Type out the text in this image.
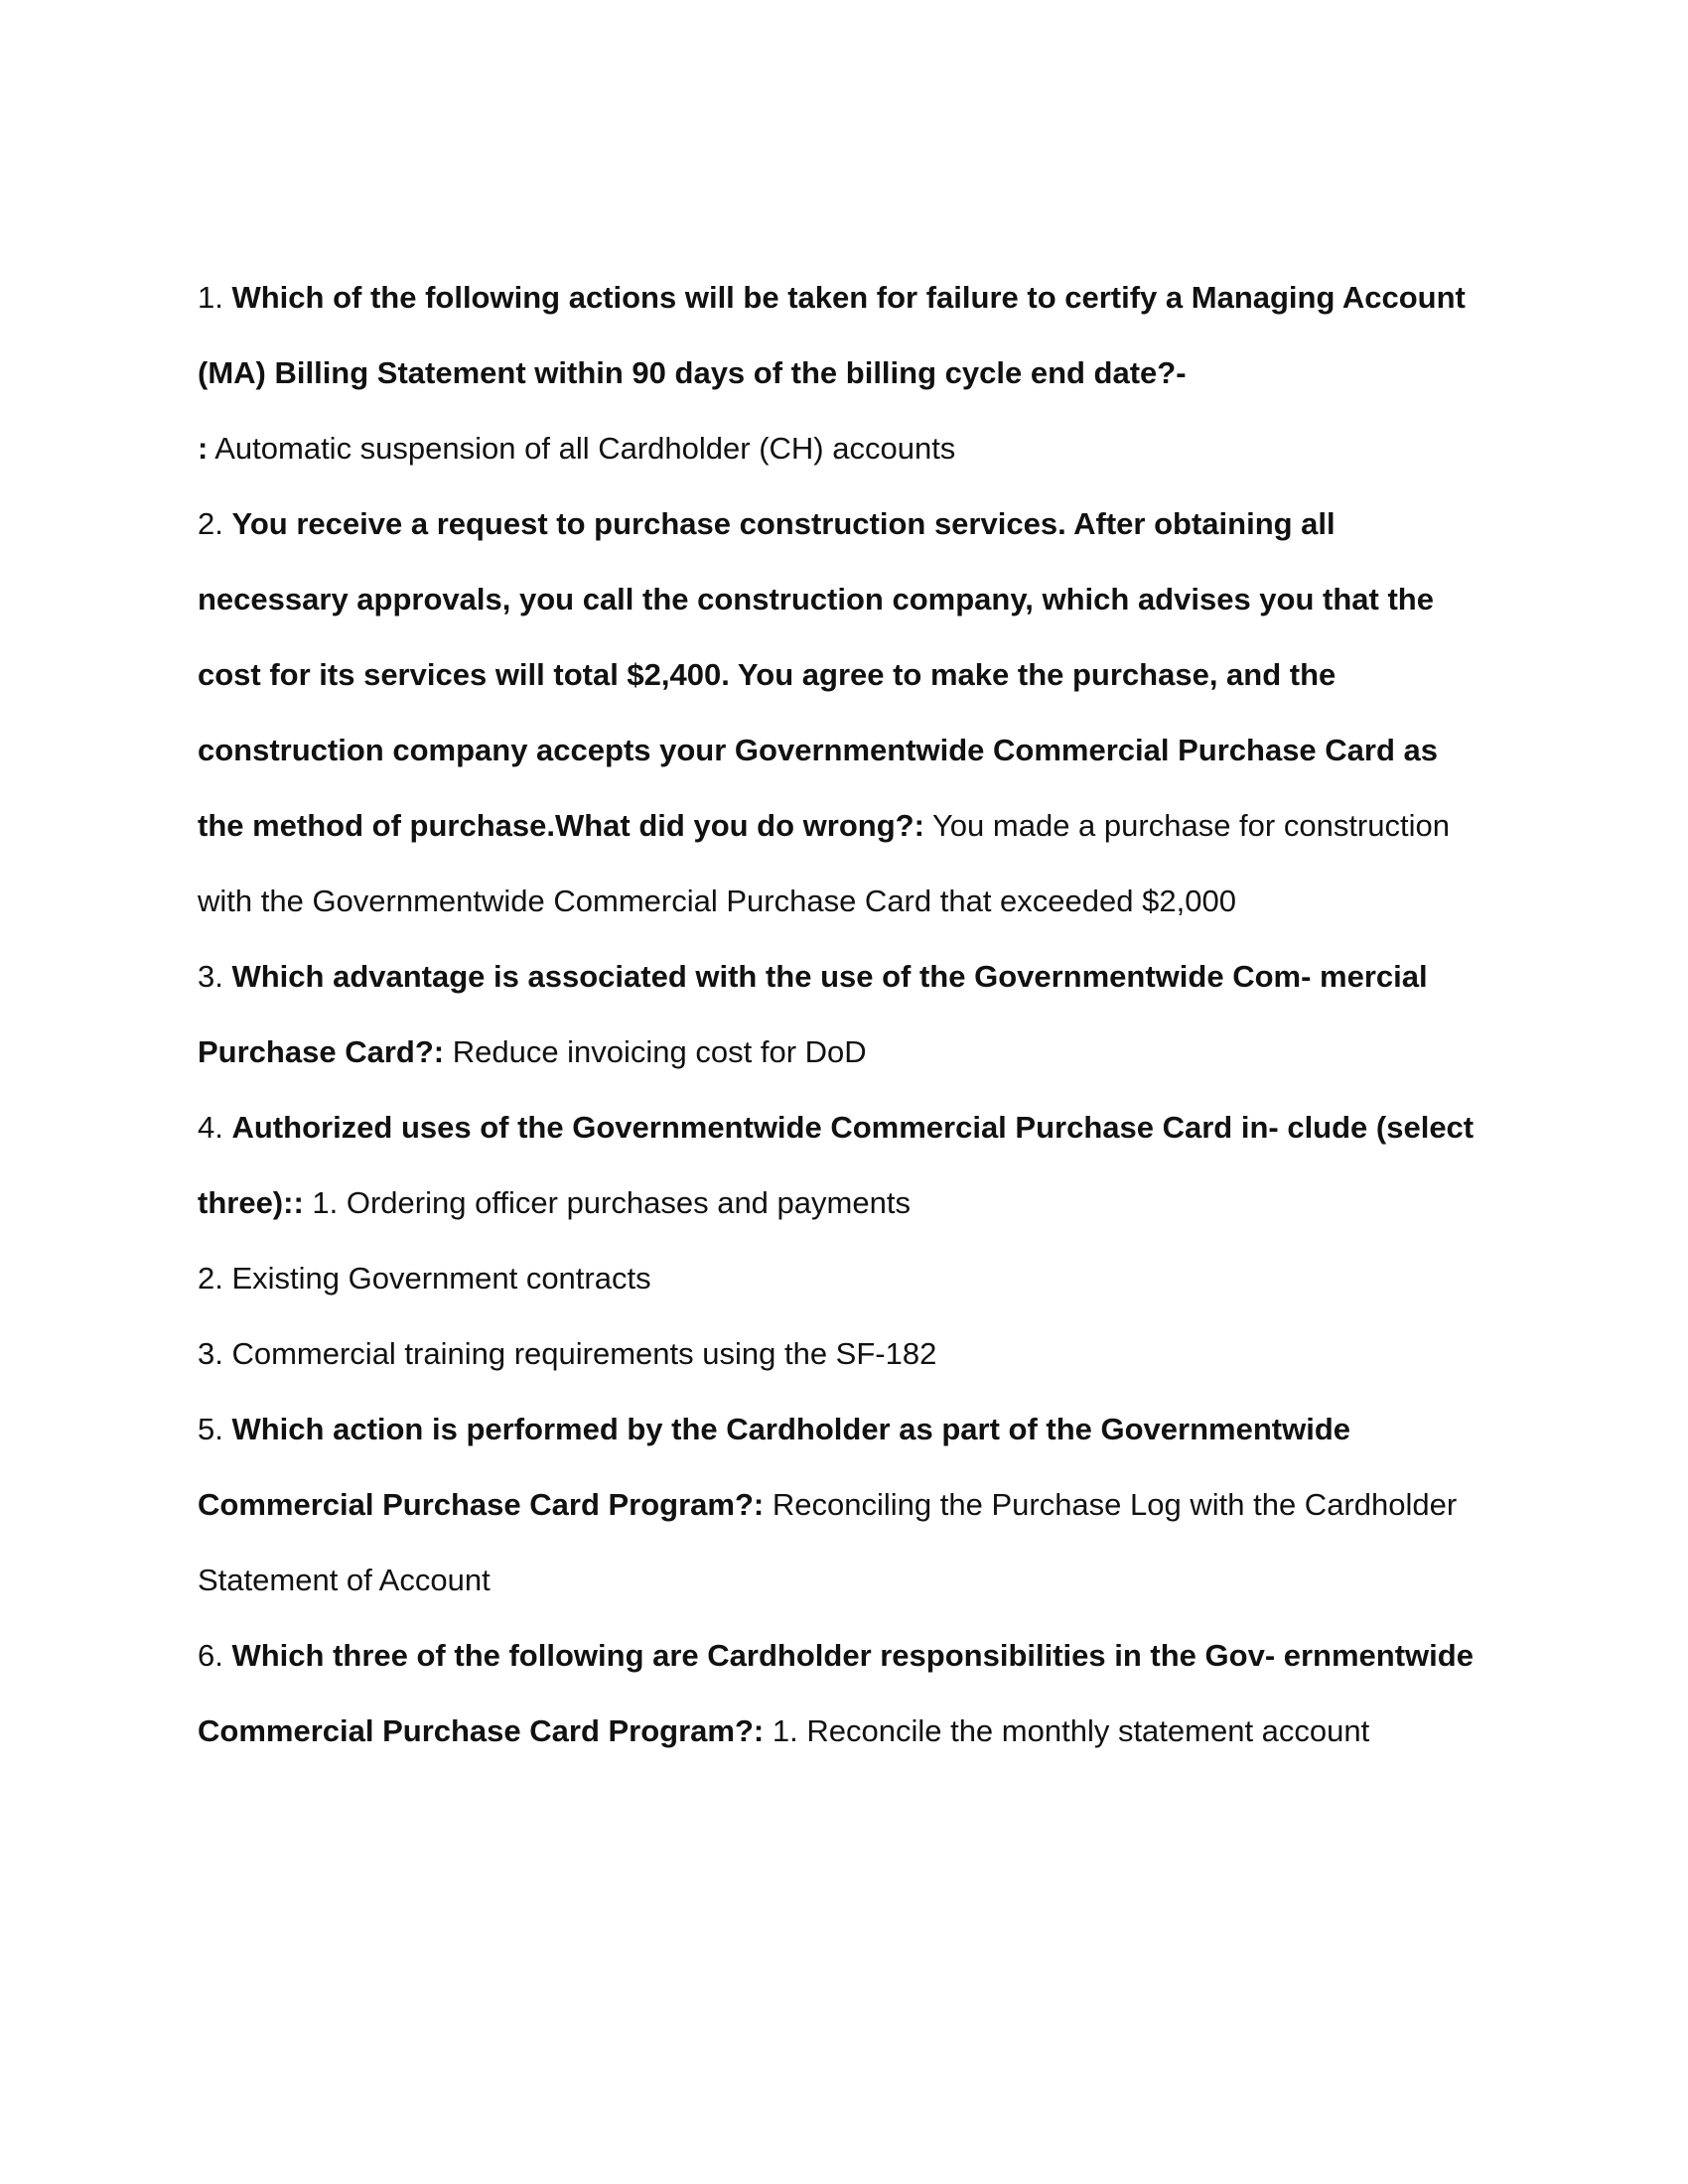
1. Which of the following actions will be taken for failure to certify a Managing Account (MA) Billing Statement within 90 days of the billing cycle end date?-
: Automatic suspension of all Cardholder (CH) accounts

2. You receive a request to purchase construction services. After obtaining all necessary approvals, you call the construction company, which advises you that the cost for its services will total $2,400. You agree to make the purchase, and the construction company accepts your Governmentwide Commercial Purchase Card as the method of purchase.What did you do wrong?: You made a purchase for construction with the Governmentwide Commercial Purchase Card that exceeded $2,000

3. Which advantage is associated with the use of the Governmentwide Com- mercial Purchase Card?: Reduce invoicing cost for DoD

4. Authorized uses of the Governmentwide Commercial Purchase Card in- clude (select three):: 1. Ordering officer purchases and payments

2. Existing Government contracts

3. Commercial training requirements using the SF-182

5. Which action is performed by the Cardholder as part of the Governmentwide Commercial Purchase Card Program?: Reconciling the Purchase Log with the Cardholder Statement of Account

6. Which three of the following are Cardholder responsibilities in the Gov- ernmentwide Commercial Purchase Card Program?: 1. Reconcile the monthly statement account
